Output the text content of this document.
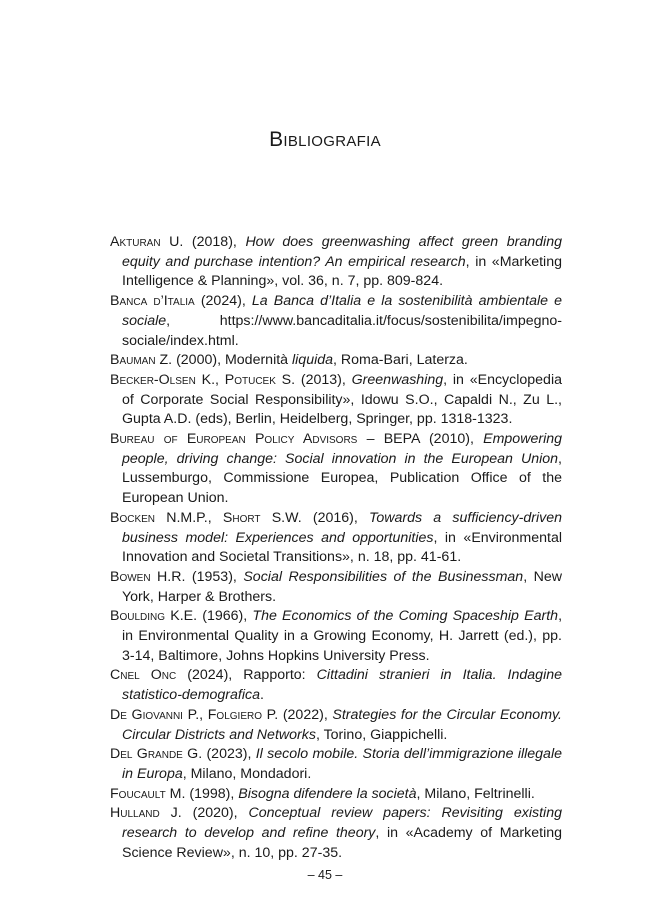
Bibliografia

Akturan U. (2018), How does greenwashing affect green branding equity and purchase intention? An empirical research, in «Marketing Intelligence & Planning», vol. 36, n. 7, pp. 809-824.

Banca d’Italia (2024), La Banca d’Italia e la sostenibilità ambientale e sociale, https://www.bancaditalia.it/focus/sostenibilita/impegno-sociale/index.html.

Bauman Z. (2000), Modernità liquida, Roma-Bari, Laterza.

Becker-Olsen K., Potucek S. (2013), Greenwashing, in «Encyclopedia of Corporate Social Responsibility», Idowu S.O., Capaldi N., Zu L., Gupta A.D. (eds), Berlin, Heidelberg, Springer, pp. 1318-1323.

Bureau of European Policy Advisors – BEPA (2010), Empowering people, driving change: Social innovation in the European Union, Lussemburgo, Commissione Europea, Publication Office of the European Union.

Bocken N.M.P., Short S.W. (2016), Towards a sufficiency-driven business model: Experiences and opportunities, in «Environmental Innovation and Societal Transitions», n. 18, pp. 41-61.

Bowen H.R. (1953), Social Responsibilities of the Businessman, New York, Harper & Brothers.

Boulding K.E. (1966), The Economics of the Coming Spaceship Earth, in Environmental Quality in a Growing Economy, H. Jarrett (ed.), pp. 3-14, Baltimore, Johns Hopkins University Press.

Cnel Onc (2024), Rapporto: Cittadini stranieri in Italia. Indagine statistico-demografica.

De Giovanni P., Folgiero P. (2022), Strategies for the Circular Economy. Circular Districts and Networks, Torino, Giappichelli.

Del Grande G. (2023), Il secolo mobile. Storia dell’immigrazione illegale in Europa, Milano, Mondadori.

Foucault M. (1998), Bisogna difendere la società, Milano, Feltrinelli.

Hulland J. (2020), Conceptual review papers: Revisiting existing research to develop and refine theory, in «Academy of Marketing Science Review», n. 10, pp. 27-35.

– 45 –
